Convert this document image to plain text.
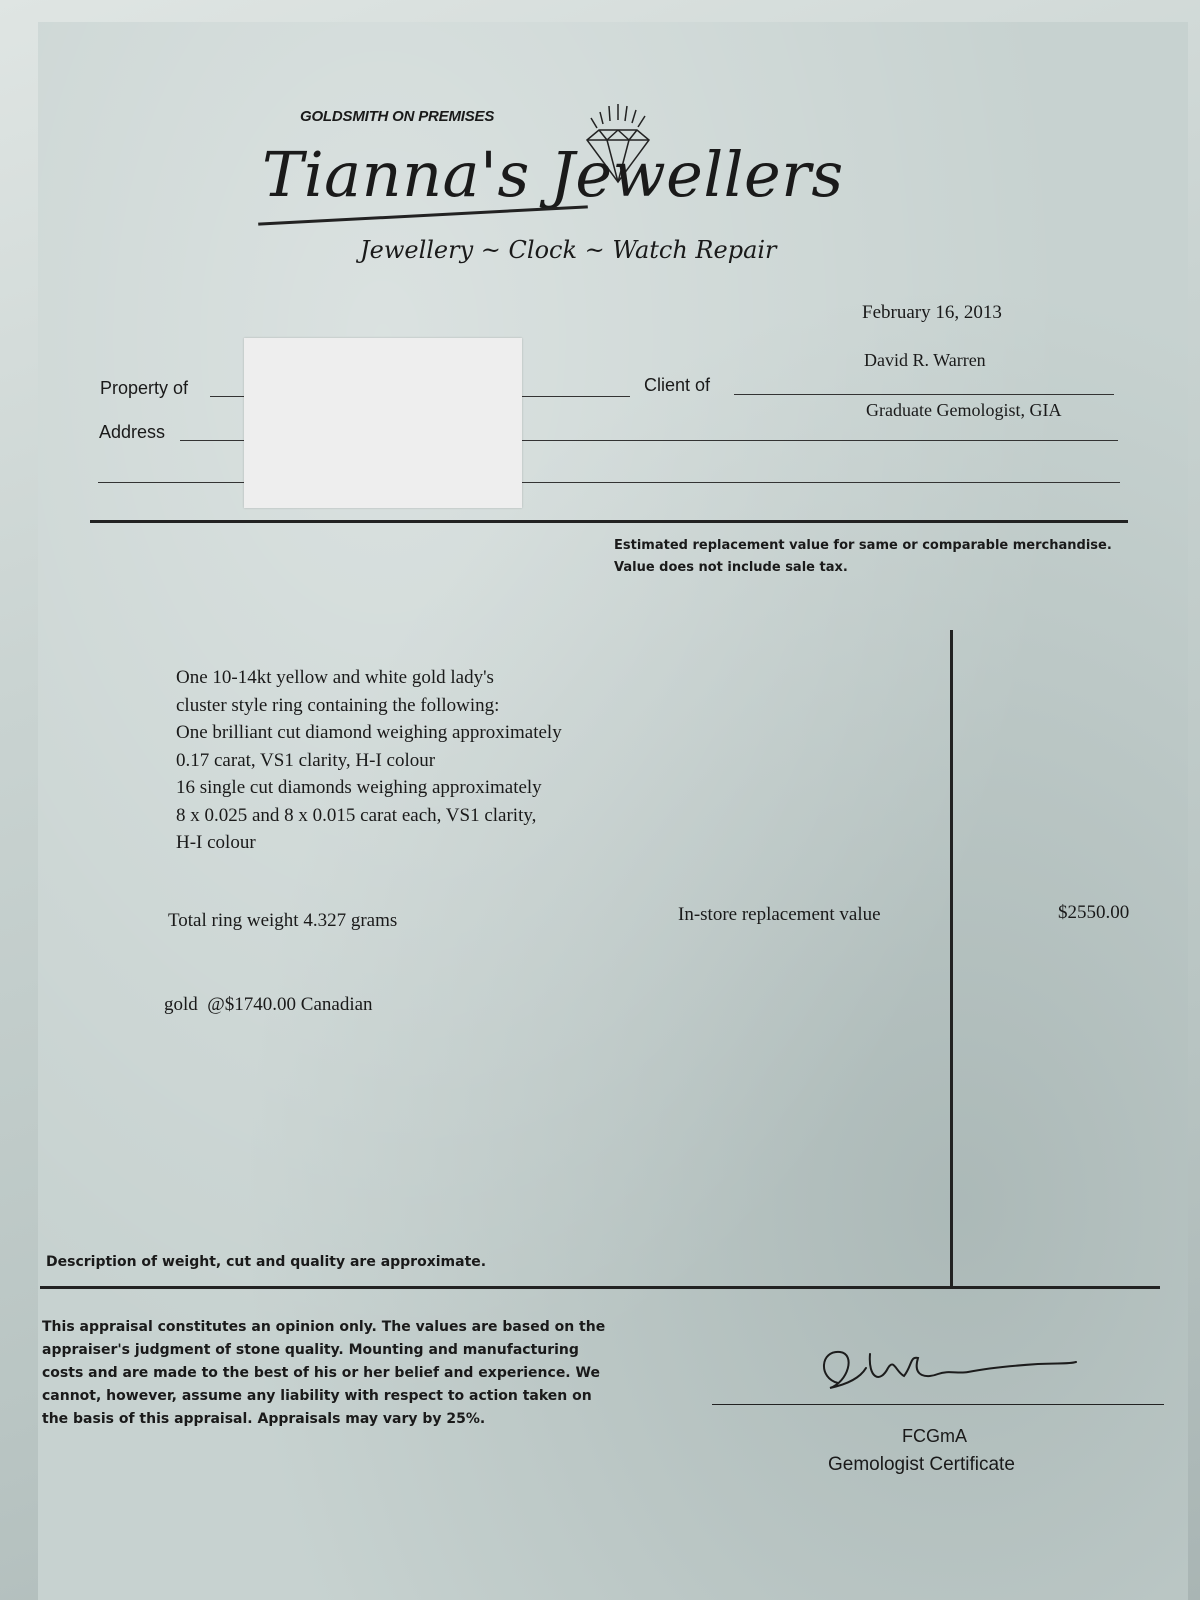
GOLDSMITH ON PREMISES
Tianna's Jewellers
Jewellery ~ Clock ~ Watch Repair
February 16, 2013
David R. Warren
Graduate Gemologist, GIA
Property of	Client of
Address
Estimated replacement value for same or comparable merchandise.
Value does not include sale tax.
One 10-14kt yellow and white gold lady's
cluster style ring containing the following:
One brilliant cut diamond weighing approximately
0.17 carat, VS1 clarity, H-I colour
16 single cut diamonds weighing approximately
8 x 0.025 and 8 x 0.015 carat each, VS1 clarity,
H-I colour
Total ring weight 4.327 grams
gold  @$1740.00 Canadian
In-store replacement value	$2550.00
Description of weight, cut and quality are approximate.
This appraisal constitutes an opinion only. The values are based on the
appraiser's judgment of stone quality. Mounting and manufacturing
costs and are made to the best of his or her belief and experience. We
cannot, however, assume any liability with respect to action taken on
the basis of this appraisal. Appraisals may vary by 25%.
FCGmA
Gemologist Certificate
